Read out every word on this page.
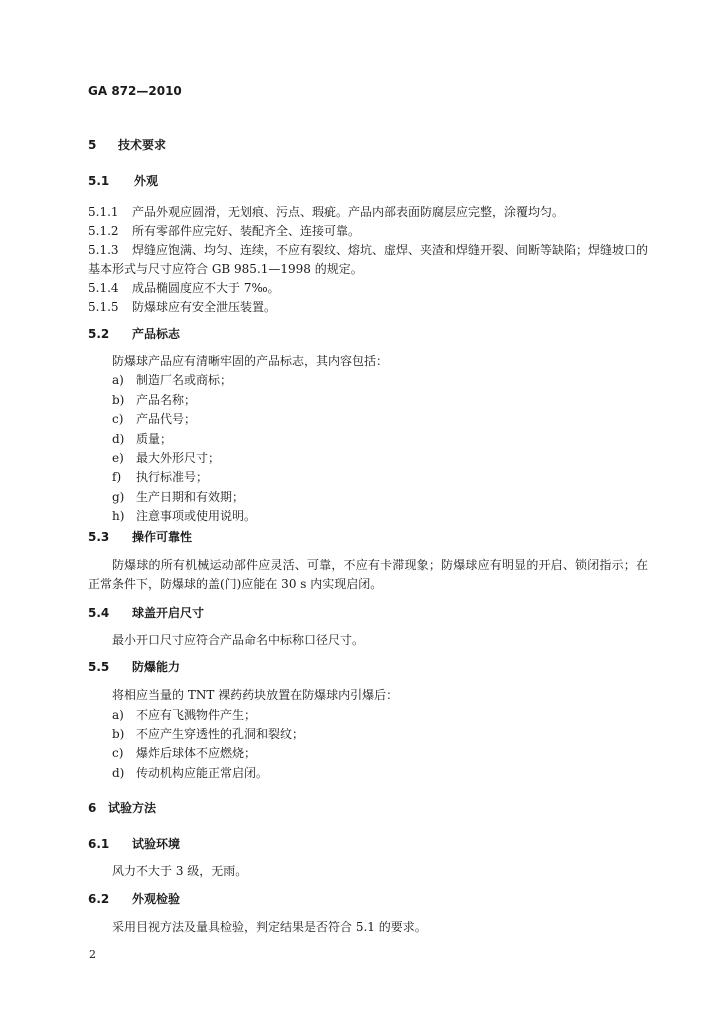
GA 872—2010
5 技术要求
5.1 外观
5.1.1 产品外观应圆滑，无划痕、污点、瑕疵。产品内部表面防腐层应完整，涂覆均匀。
5.1.2 所有零部件应完好、装配齐全、连接可靠。
5.1.3 焊缝应饱满、均匀、连续，不应有裂纹、熔坑、虚焊、夹渣和焊缝开裂、间断等缺陷；焊缝坡口的基本形式与尺寸应符合 GB 985.1—1998 的规定。
5.1.4 成品椭圆度应不大于 7‰。
5.1.5 防爆球应有安全泄压装置。
5.2 产品标志
防爆球产品应有清晰牢固的产品标志，其内容包括：
a) 制造厂名或商标；
b) 产品名称；
c) 产品代号；
d) 质量；
e) 最大外形尺寸；
f) 执行标准号；
g) 生产日期和有效期；
h) 注意事项或使用说明。
5.3 操作可靠性
防爆球的所有机械运动部件应灵活、可靠，不应有卡滞现象；防爆球应有明显的开启、锁闭指示；在正常条件下，防爆球的盖(门)应能在 30 s 内实现启闭。
5.4 球盖开启尺寸
最小开口尺寸应符合产品命名中标称口径尺寸。
5.5 防爆能力
将相应当量的 TNT 裸药药块放置在防爆球内引爆后：
a) 不应有飞溅物件产生；
b) 不应产生穿透性的孔洞和裂纹；
c) 爆炸后球体不应燃烧；
d) 传动机构应能正常启闭。
6 试验方法
6.1 试验环境
风力不大于 3 级，无雨。
6.2 外观检验
采用目视方法及量具检验，判定结果是否符合 5.1 的要求。
2
